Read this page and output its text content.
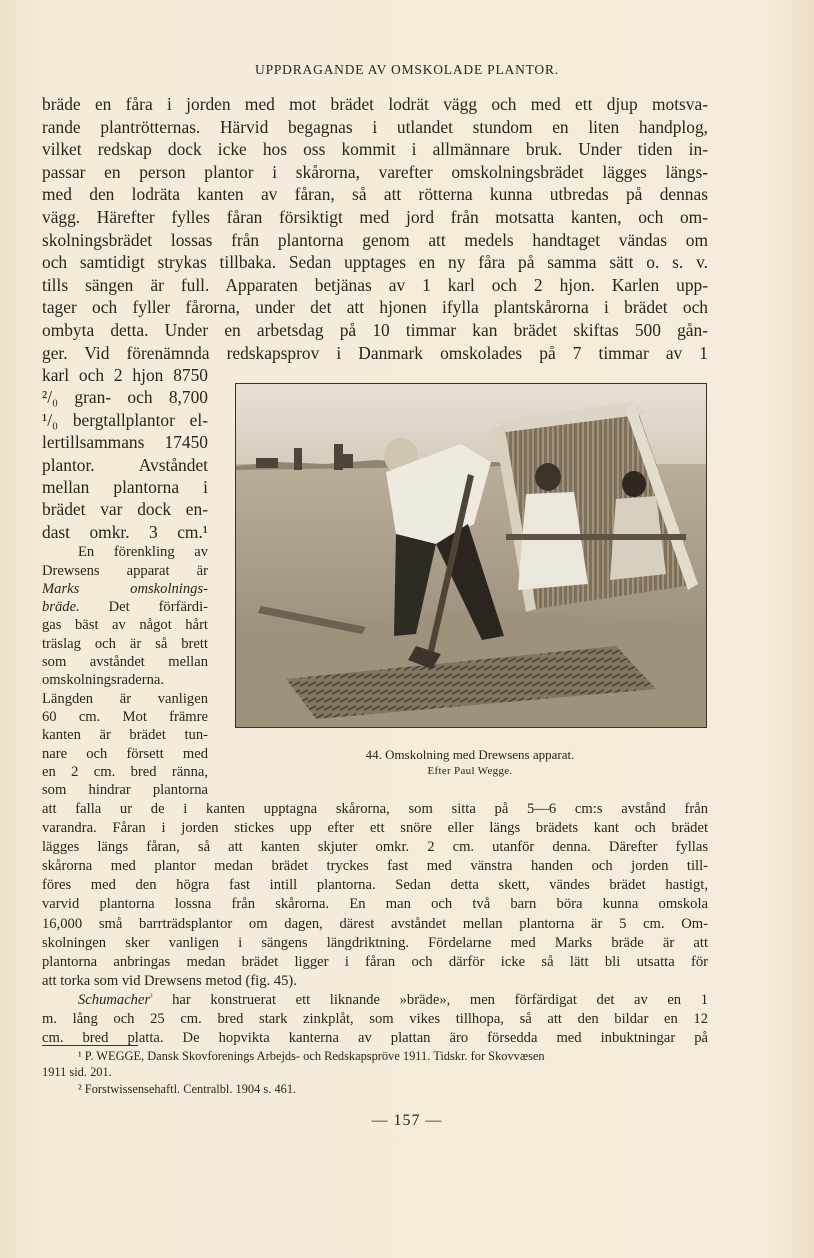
UPPDRAGANDE AV OMSKOLADE PLANTOR.
bräde en fåra i jorden med mot brädet lodrät vägg och med ett djup motsva-
rande plantrötternas. Härvid begagnas i utlandet stundom en liten handplog,
vilket redskap dock icke hos oss kommit i allmännare bruk. Under tiden in-
passar en person plantor i skårorna, varefter omskolningsbrädet lägges längs-
med den lodräta kanten av fåran, så att rötterna kunna utbredas på dennas
vägg. Härefter fylles fåran försiktigt med jord från motsatta kanten, och om-
skolningsbrädet lossas från plantorna genom att medels handtaget vändas om
och samtidigt strykas tillbaka. Sedan upptages en ny fåra på samma sätt o. s. v.
tills sängen är full. Apparaten betjänas av 1 karl och 2 hjon. Karlen upp-
tager och fyller fårorna, under det att hjonen ifylla plantskårorna i brädet och
ombyta detta. Under en arbetsdag på 10 timmar kan brädet skiftas 500 gån-
ger. Vid förenämnda redskapsprov i Danmark omskolades på 7 timmar av 1
karl och 2 hjon 8750
²/₀ gran- och 8,700
¹/₀ bergtallplantor el-
lertillsammans 17450
plantor. Avståndet
mellan plantorna i
brädet var dock en-
dast omkr. 3 cm.¹
En förenkling av
Drewsens apparat är
Marks omskolnings-
bräde. Det förfärdi-
gas bäst av något hårt
träslag och är så brett
som avståndet mellan
omskolningsraderna.
Längden är vanligen
60 cm. Mot främre
kanten är brädet tun-
nare och försett med
en 2 cm. bred ränna,
som hindrar plantorna
44. Omskolning med Drewsens apparat.
Efter Paul Wegge.
att falla ur de i kanten upptagna skårorna, som sitta på 5—6 cm:s avstånd från
varandra. Fåran i jorden stickes upp efter ett snöre eller längs brädets kant och brädet
lägges längs fåran, så att kanten skjuter omkr. 2 cm. utanför denna. Därefter fyllas
skårorna med plantor medan brädet tryckes fast med vänstra handen och jorden till-
föres med den högra fast intill plantorna. Sedan detta skett, vändes brädet hastigt,
varvid plantorna lossna från skårorna. En man och två barn böra kunna omskola
16,000 små barrträdsplantor om dagen, därest avståndet mellan plantorna är 5 cm. Om-
skolningen sker vanligen i sängens längdriktning. Fördelarne med Marks bräde är att
plantorna anbringas medan brädet ligger i fåran och därför icke så lätt bli utsatta för
att torka som vid Drewsens metod (fig. 45).
Schumacher$^{^2}$ har konstruerat ett liknande »bräde», men förfärdigat det av en 1
m. lång och 25 cm. bred stark zinkplåt, som vikes tillhopa, så att den bildar en 12
cm. bred platta. De hopvikta kanterna av plattan äro försedda med inbuktningar på
¹ P. WEGGE, Dansk Skovforenings Arbejds- och Redskapspröve 1911. Tidskr. for Skovvæsen
1911 sid. 201.
² Forstwissensehaftl. Centralbl. 1904 s. 461.
— 157 —
